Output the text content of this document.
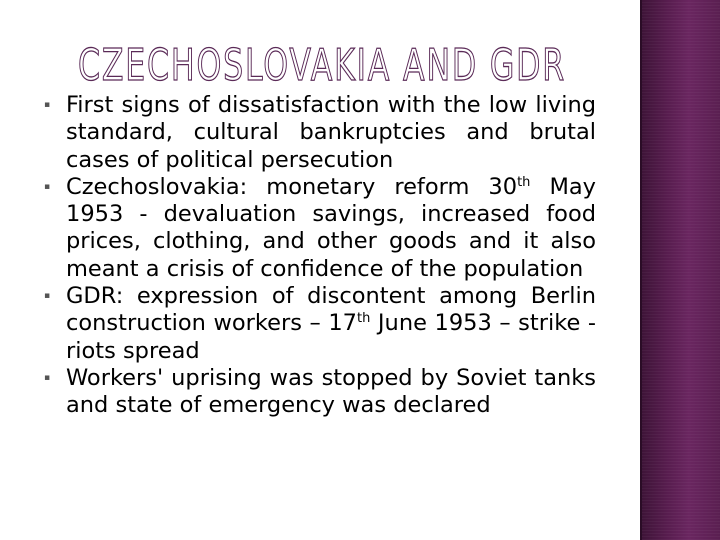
CZECHOSLOVAKIA AND GDR
▪ First signs of dissatisfaction with the low living standard, cultural bankruptcies and brutal cases of political persecution
▪ Czechoslovakia: monetary reform 30th May 1953 - devaluation savings, increased food prices, clothing, and other goods and it also meant a crisis of confidence of the population
▪ GDR: expression of discontent among Berlin construction workers – 17th June 1953 – strike - riots spread
▪ Workers' uprising was stopped by Soviet tanks and state of emergency was declared
